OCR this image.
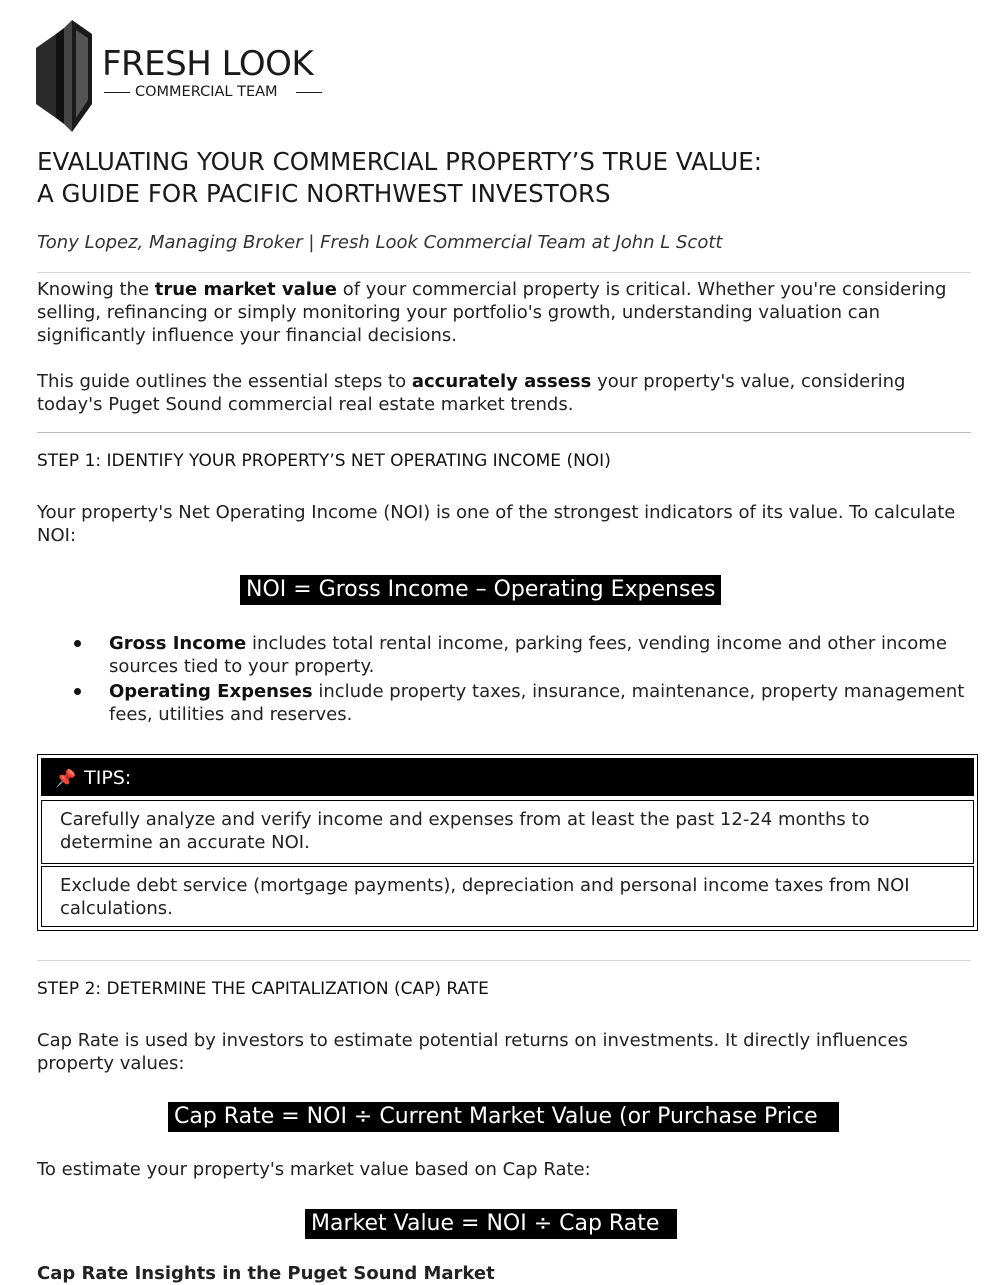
FRESH LOOK
COMMERCIAL TEAM
EVALUATING YOUR COMMERCIAL PROPERTY’S TRUE VALUE:
A GUIDE FOR PACIFIC NORTHWEST INVESTORS
Tony Lopez, Managing Broker | Fresh Look Commercial Team at John L Scott
Knowing the true market value of your commercial property is critical. Whether you're considering selling, refinancing or simply monitoring your portfolio's growth, understanding valuation can significantly influence your financial decisions.
This guide outlines the essential steps to accurately assess your property's value, considering today's Puget Sound commercial real estate market trends.
STEP 1: IDENTIFY YOUR PROPERTY’S NET OPERATING INCOME (NOI)
Your property's Net Operating Income (NOI) is one of the strongest indicators of its value. To calculate NOI:
NOI = Gross Income – Operating Expenses
Gross Income includes total rental income, parking fees, vending income and other income sources tied to your property.
Operating Expenses include property taxes, insurance, maintenance, property management fees, utilities and reserves.
📌 TIPS:
Carefully analyze and verify income and expenses from at least the past 12-24 months to determine an accurate NOI.
Exclude debt service (mortgage payments), depreciation and personal income taxes from NOI calculations.
STEP 2: DETERMINE THE CAPITALIZATION (CAP) RATE
Cap Rate is used by investors to estimate potential returns on investments. It directly influences property values:
Cap Rate = NOI ÷ Current Market Value (or Purchase Price
To estimate your property's market value based on Cap Rate:
Market Value = NOI ÷ Cap Rate
Cap Rate Insights in the Puget Sound Market
